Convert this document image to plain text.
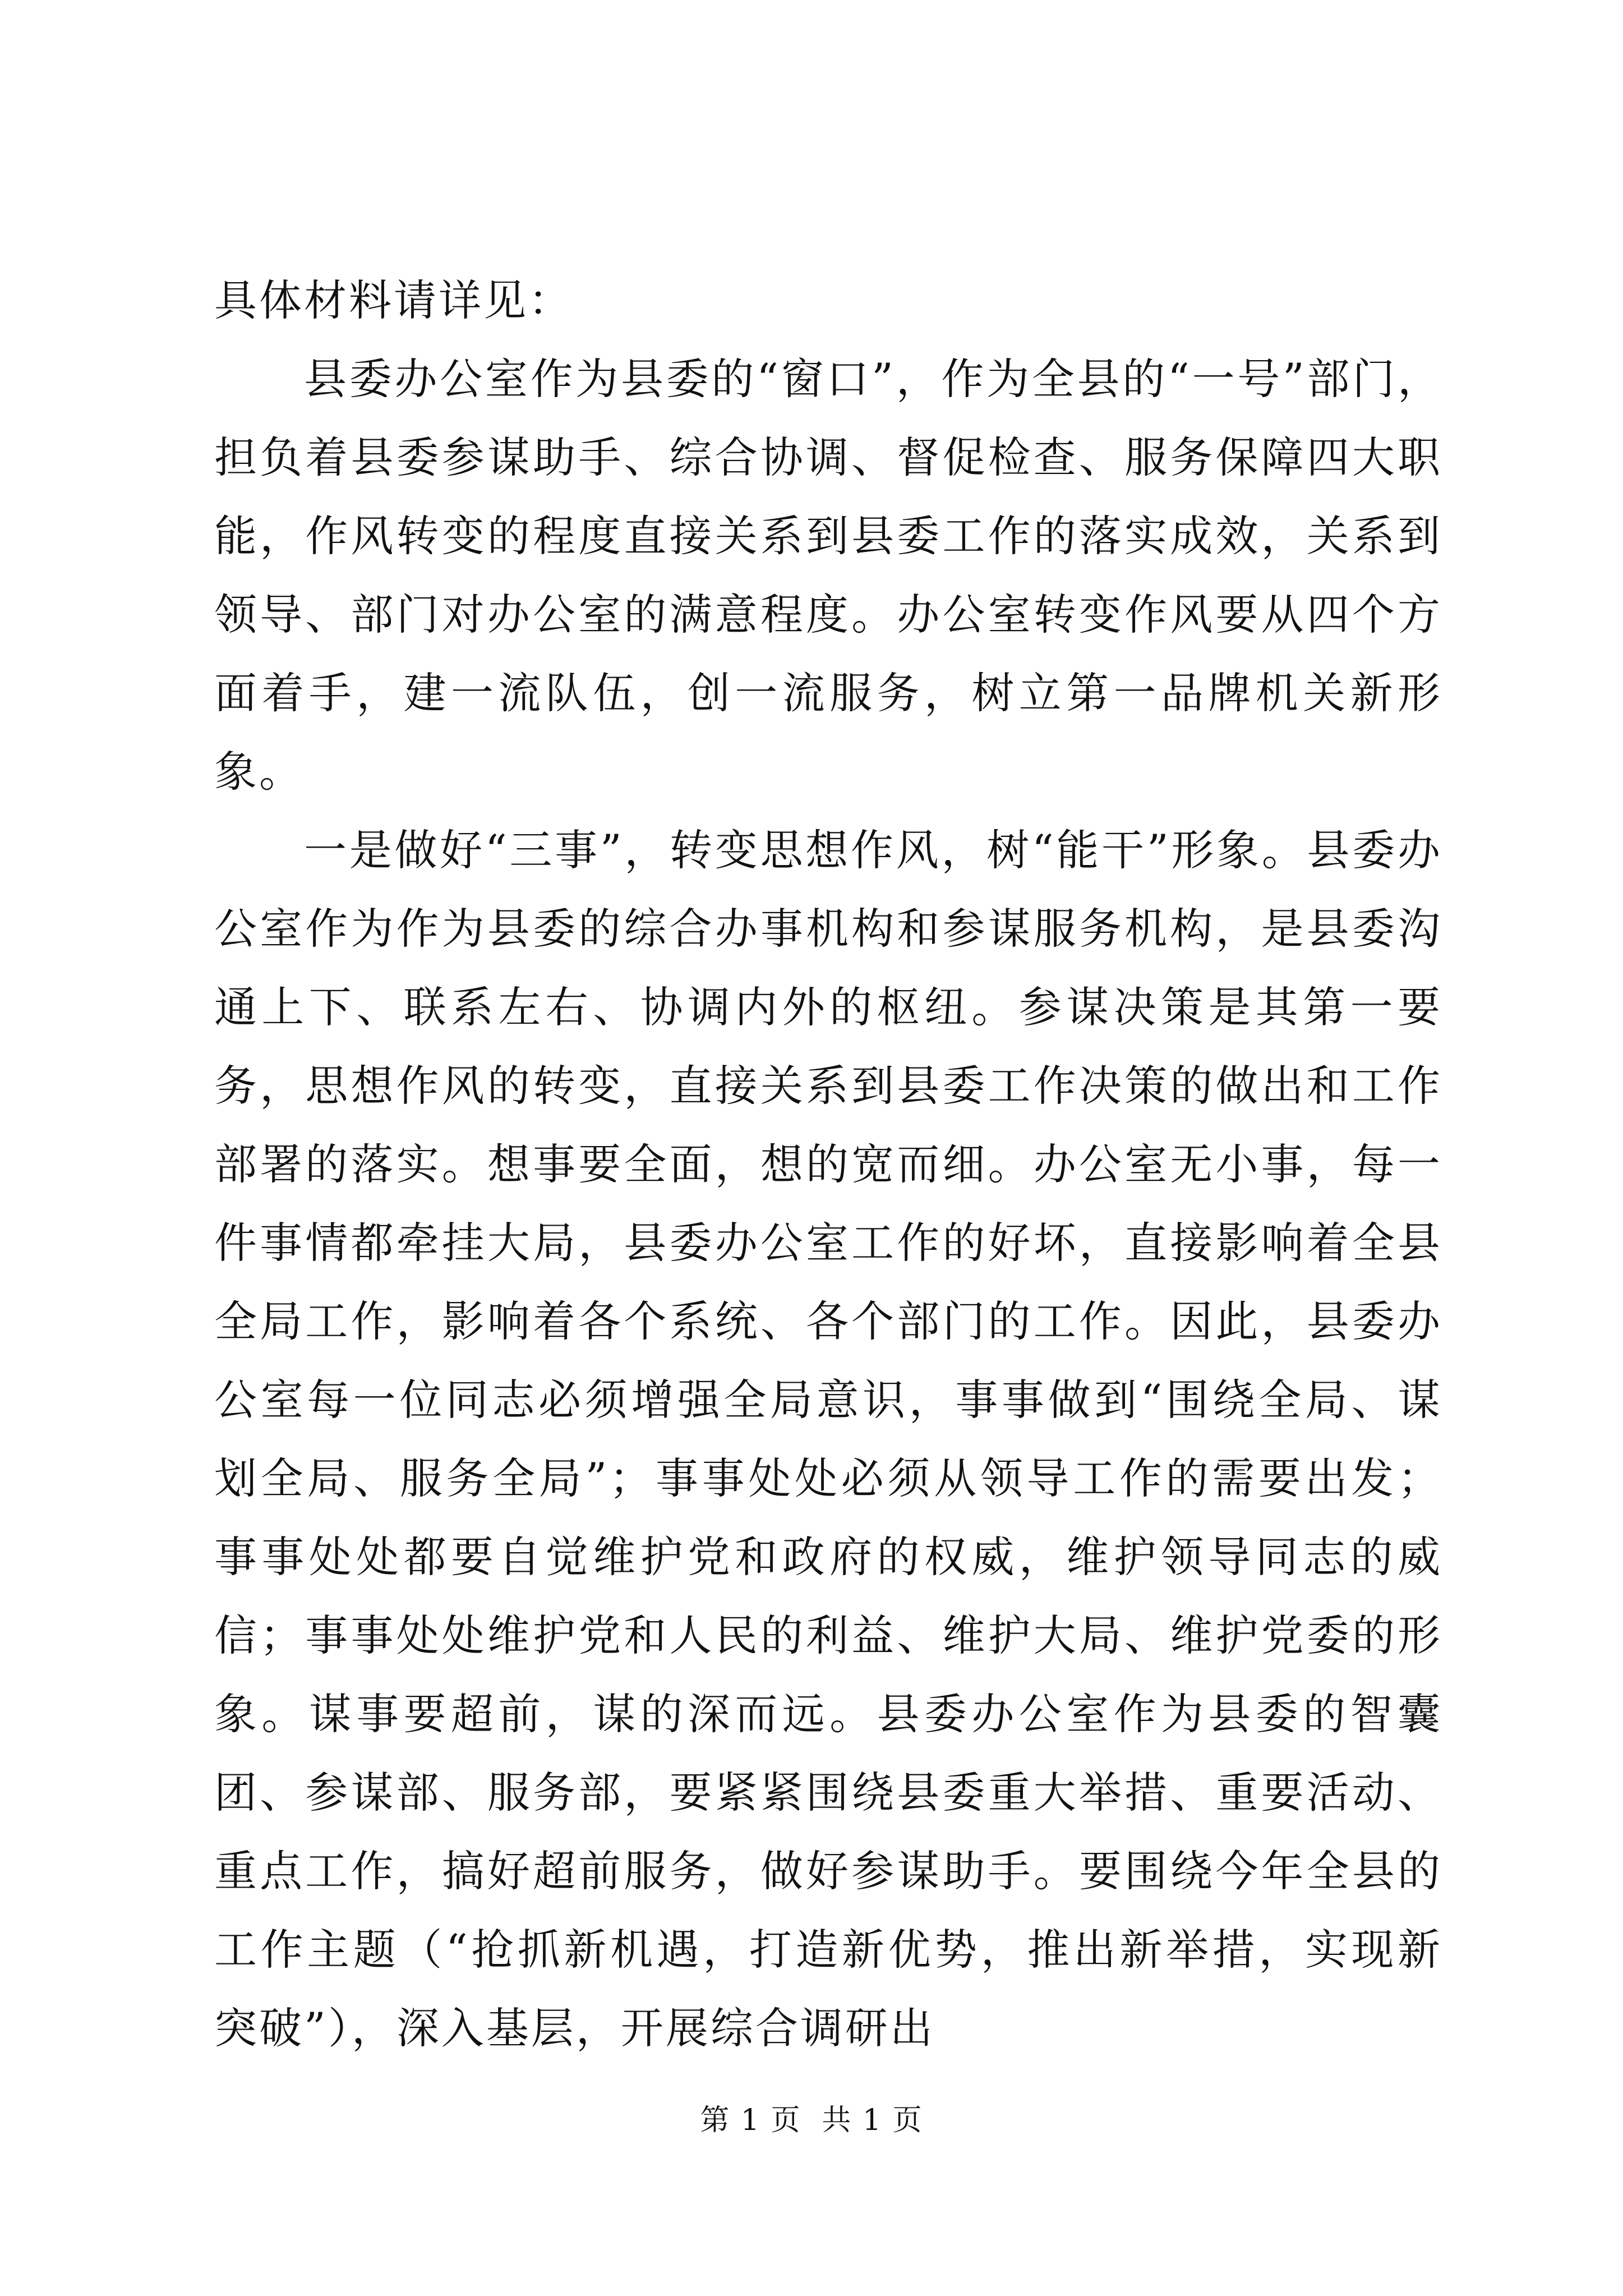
具体材料请详见：

县委办公室作为县委的“窗口”，作为全县的“一号”部门，担负着县委参谋助手、综合协调、督促检查、服务保障四大职能，作风转变的程度直接关系到县委工作的落实成效，关系到领导、部门对办公室的满意程度。办公室转变作风要从四个方面着手，建一流队伍，创一流服务，树立第一品牌机关新形象。

一是做好“三事”，转变思想作风，树“能干”形象。县委办公室作为作为县委的综合办事机构和参谋服务机构，是县委沟通上下、联系左右、协调内外的枢纽。参谋决策是其第一要务，思想作风的转变，直接关系到县委工作决策的做出和工作部署的落实。想事要全面，想的宽而细。办公室无小事，每一件事情都牵挂大局，县委办公室工作的好坏，直接影响着全县全局工作，影响着各个系统、各个部门的工作。因此，县委办公室每一位同志必须增强全局意识，事事做到“围绕全局、谋划全局、服务全局”；事事处处必须从领导工作的需要出发；事事处处都要自觉维护党和政府的权威，维护领导同志的威信；事事处处维护党和人民的利益、维护大局、维护党委的形象。谋事要超前，谋的深而远。县委办公室作为县委的智囊团、参谋部、服务部，要紧紧围绕县委重大举措、重要活动、重点工作，搞好超前服务，做好参谋助手。要围绕今年全县的工作主题（“抢抓新机遇，打造新优势，推出新举措，实现新突破”），深入基层，开展综合调研出

第 1 页  共 1 页
